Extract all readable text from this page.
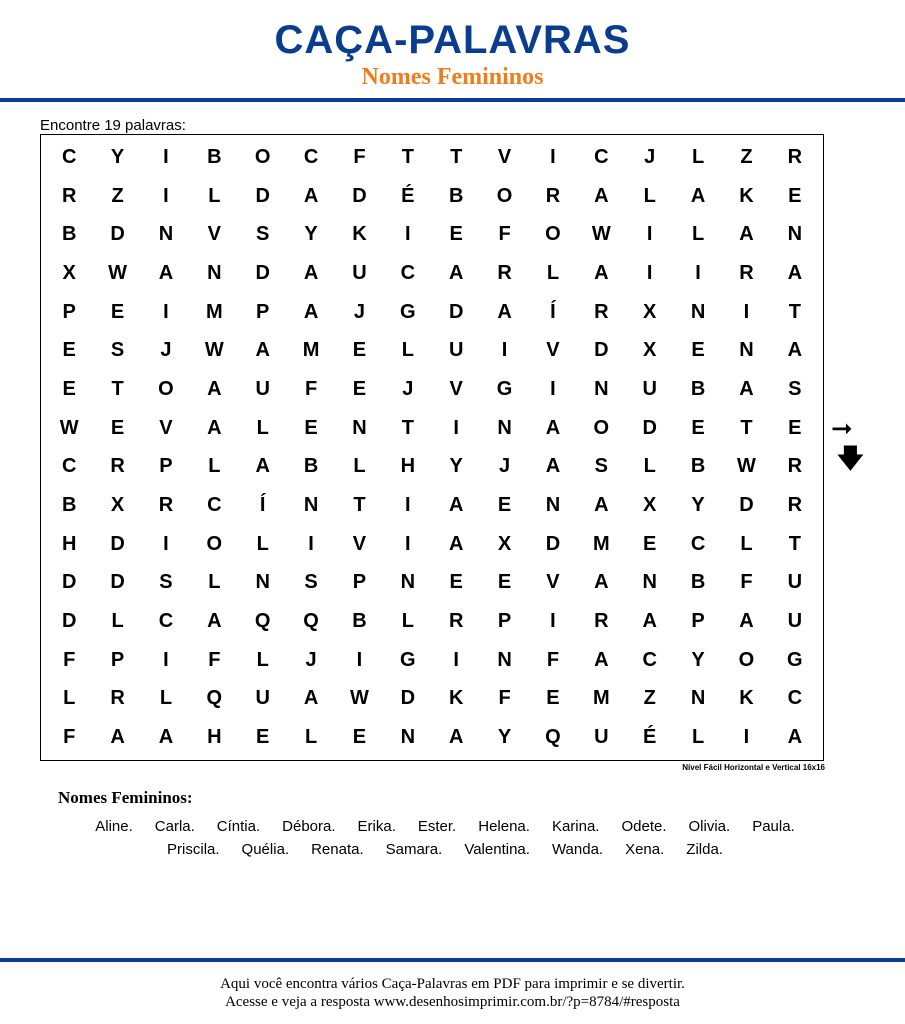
CAÇA-PALAVRAS
Nomes Femininos
Encontre 19 palavras:
C	Y	I	B	O	C	F	T	T	V	I	C	J	L	Z	R
R	Z	I	L	D	A	D	É	B	O	R	A	L	A	K	E
B	D	N	V	S	Y	K	I	E	F	O	W	I	L	A	N
X	W	A	N	D	A	U	C	A	R	L	A	I	I	R	A
P	E	I	M	P	A	J	G	D	A	Í	R	X	N	I	T
E	S	J	W	A	M	E	L	U	I	V	D	X	E	N	A
E	T	O	A	U	F	E	J	V	G	I	N	U	B	A	S
W	E	V	A	L	E	N	T	I	N	A	O	D	E	T	E
C	R	P	L	A	B	L	H	Y	J	A	S	L	B	W	R
B	X	R	C	Í	N	T	I	A	E	N	A	X	Y	D	R
H	D	I	O	L	I	V	I	A	X	D	M	E	C	L	T
D	D	S	L	N	S	P	N	E	E	V	A	N	B	F	U
D	L	C	A	Q	Q	B	L	R	P	I	R	A	P	A	U
F	P	I	F	L	J	I	G	I	N	F	A	C	Y	O	G
L	R	L	Q	U	A	W	D	K	F	E	M	Z	N	K	C
F	A	A	H	E	L	E	N	A	Y	Q	U	É	L	I	A
➞
🡇
Nível Fácil Horizontal e Vertical 16x16
Nomes Femininos:
Aline. Carla. Cíntia. Débora. Erika. Ester. Helena. Karina. Odete. Olivia. Paula.
Priscila. Quélia. Renata. Samara. Valentina. Wanda. Xena. Zilda.
Aqui você encontra vários Caça-Palavras em PDF para imprimir e se divertir.
Acesse e veja a resposta www.desenhosimprimir.com.br/?p=8784/#resposta
